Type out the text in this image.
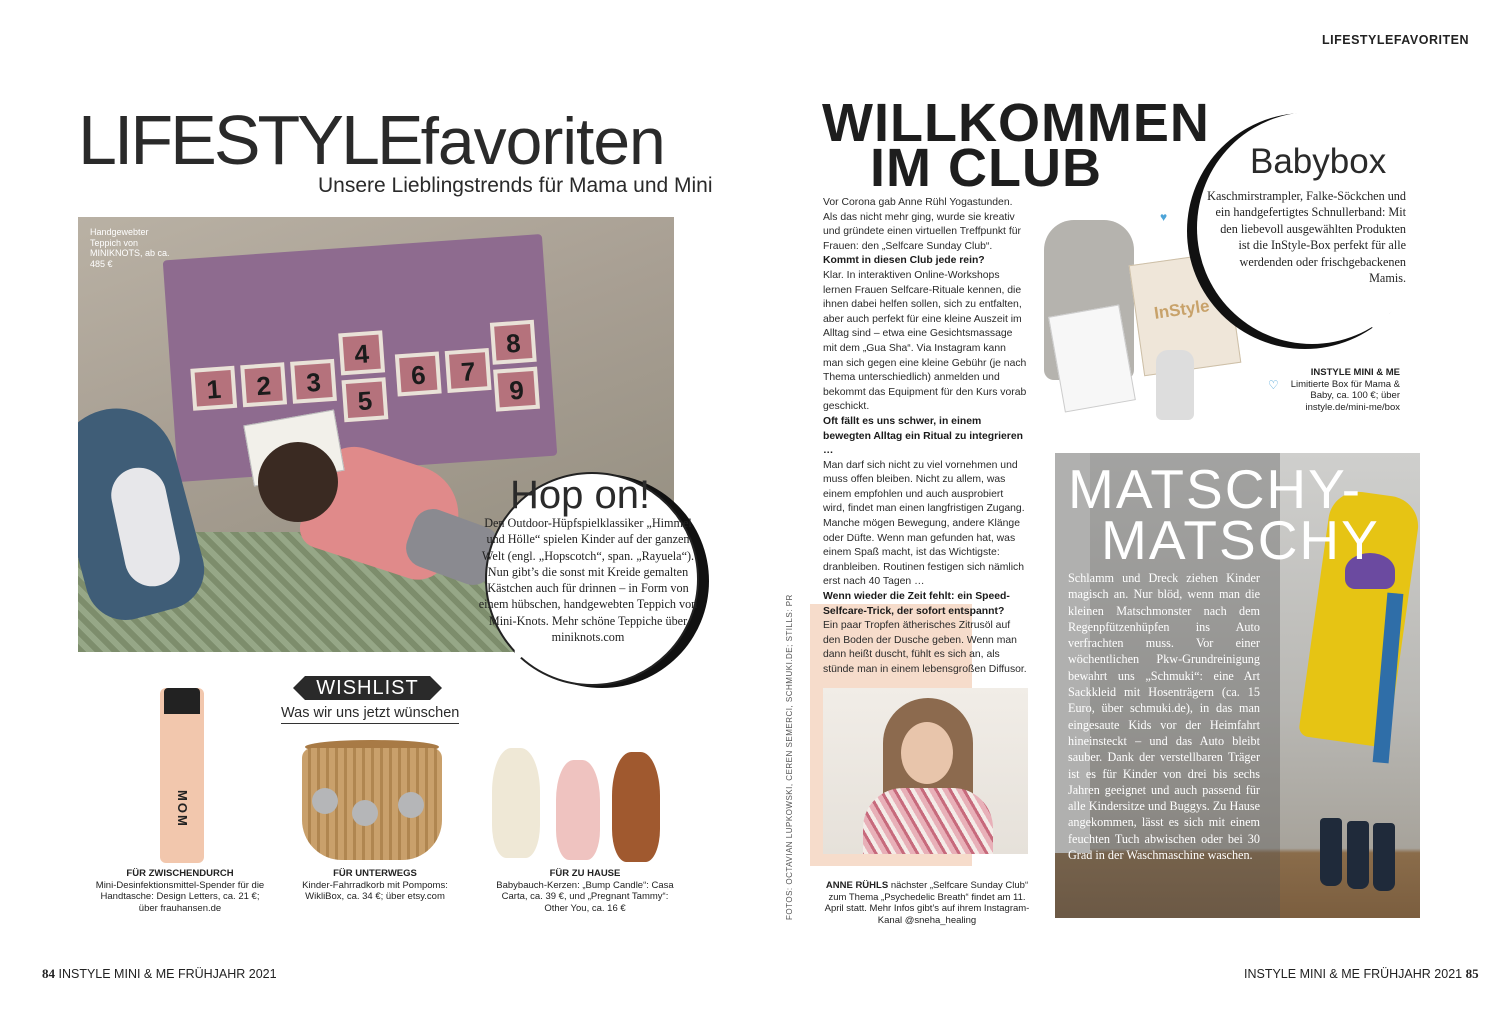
LIFESTYLEfavoriten
Unsere Lieblingstrends für Mama und Mini
1	2	3
4
5
6	7
8
9
Handgewebter Teppich von MINIKNOTS, ab ca. 485 €
Hop on!
Den Outdoor-Hüpfspielklassiker „Himmel und Hölle“ spielen Kinder auf der ganzen Welt (engl. „Hopscotch“, span. „Rayuela“). Nun gibt’s die sonst mit Kreide gemalten Kästchen auch für drinnen – in Form von einem hübschen, handgewebten Teppich von Mini-Knots. Mehr schöne Teppiche über miniknots.com
WISHLIST
Was wir uns jetzt wünschen
MOM
FÜR ZWISCHENDURCH
Mini-Desinfektionsmittel-Spender für die Handtasche: Design Letters, ca. 21 €; über frauhansen.de
FÜR UNTERWEGS
Kinder-Fahrradkorb mit Pompoms: WikliBox, ca. 34 €; über etsy.com
FÜR ZU HAUSE
Babybauch-Kerzen: „Bump Candle“: Casa Carta, ca. 39 €, und „Pregnant Tammy“: Other You, ca. 16 €
84 INSTYLE MINI & ME FRÜHJAHR 2021
FOTOS: OCTAVIAN LUPKOWSKI, CEREN SEMERCI, SCHMUKI.DE; STILLS: PR
LIFESTYLEFAVORITEN
WILLKOMMEN
IM CLUB

Vor Corona gab Anne Rühl Yogastunden. Als das nicht mehr ging, wurde sie kreativ und gründete einen virtuellen Treffpunkt für Frauen: den „Selfcare Sunday Club“.

Kommt in diesen Club jede rein?

Klar. In interaktiven Online-Workshops lernen Frauen Selfcare-Rituale kennen, die ihnen dabei helfen sollen, sich zu entfalten, aber auch perfekt für eine kleine Auszeit im Alltag sind – etwa eine Gesichtsmassage mit dem „Gua Sha“. Via Instagram kann man sich gegen eine kleine Gebühr (je nach Thema unterschiedlich) anmelden und bekommt das Equipment für den Kurs vorab geschickt.

Oft fällt es uns schwer, in einem bewegten Alltag ein Ritual zu integrieren …

Man darf sich nicht zu viel vornehmen und muss offen bleiben. Nicht zu allem, was einem empfohlen und auch ausprobiert wird, findet man einen langfristigen Zugang. Manche mögen Bewegung, andere Klänge oder Düfte. Wenn man gefunden hat, was einem Spaß macht, ist das Wichtigste: dranbleiben. Routinen festigen sich nämlich erst nach 40 Tagen …

Wenn wieder die Zeit fehlt: ein Speed-Selfcare-Trick, der sofort entspannt?

Ein paar Tropfen ätherisches Zitrusöl auf den Boden der Dusche geben. Wenn man dann heißt duscht, fühlt es sich an, als stünde man in einem lebensgroßen Diffusor.

ANNE RÜHLS nächster „Selfcare Sunday Club“ zum Thema „Psychedelic Breath“ findet am 11. April statt. Mehr Infos gibt’s auf ihrem Instagram-Kanal @sneha_healing
InStyle
♥
♡
Babybox
Kaschmirstrampler, Falke-Söckchen und ein handgefertigtes Schnullerband: Mit den liebevoll ausgewählten Produkten ist die InStyle-Box perfekt für alle werdenden oder frischgebackenen Mamis.
INSTYLE MINI & ME
Limitierte Box für Mama & Baby, ca. 100 €; über instyle.de/mini-me/box
MATSCHY-
MATSCHY
Schlamm und Dreck ziehen Kinder magisch an. Nur blöd, wenn man die kleinen Matschmonster nach dem Regenpfützenhüpfen ins Auto verfrachten muss. Vor einer wöchentlichen Pkw-Grundreinigung bewahrt uns „Schmuki“: eine Art Sackkleid mit Hosenträgern (ca. 15 Euro, über schmuki.de), in das man eingesaute Kids vor der Heimfahrt hineinsteckt – und das Auto bleibt sauber. Dank der verstellbaren Träger ist es für Kinder von drei bis sechs Jahren geeignet und auch passend für alle Kindersitze und Buggys. Zu Hause angekommen, lässt es sich mit einem feuchten Tuch abwischen oder bei 30 Grad in der Waschmaschine waschen.
INSTYLE MINI & ME FRÜHJAHR 2021 85
